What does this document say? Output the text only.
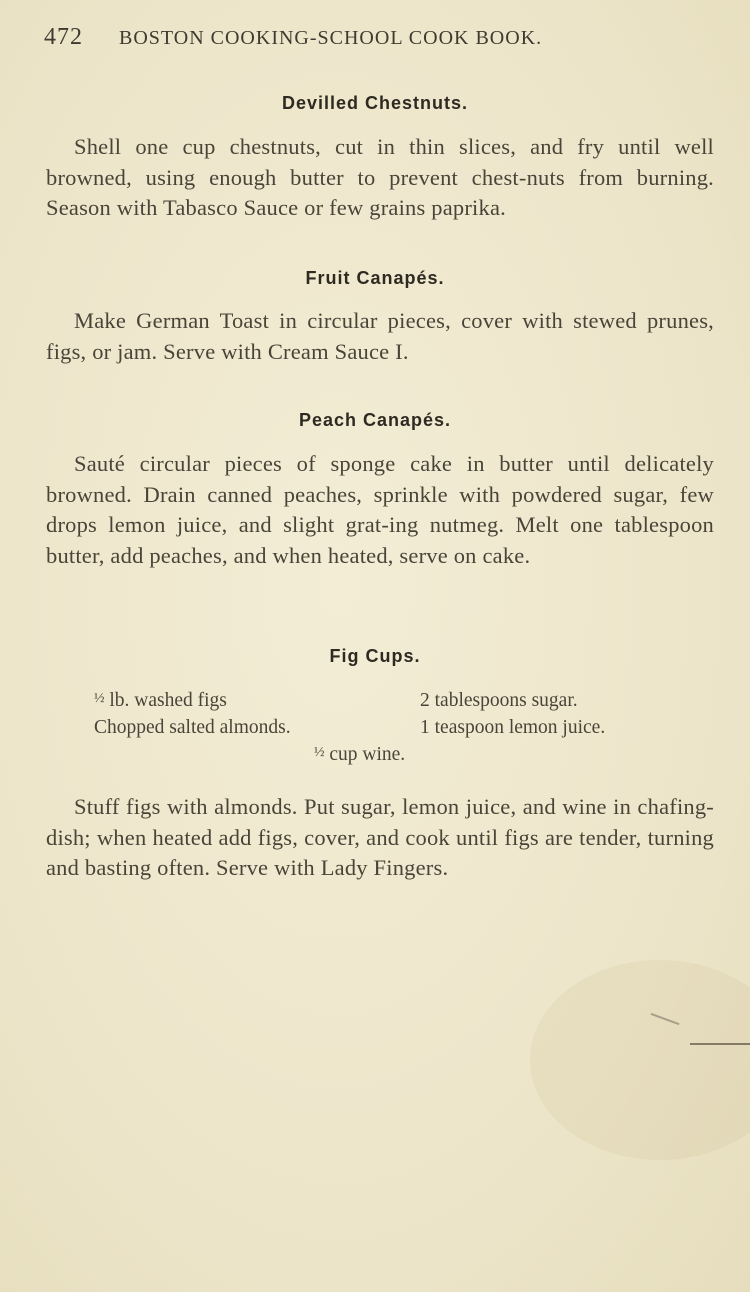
472 BOSTON COOKING-SCHOOL COOK BOOK.
Devilled Chestnuts.
Shell one cup chestnuts, cut in thin slices, and fry until well browned, using enough butter to prevent chest-nuts from burning. Season with Tabasco Sauce or few grains paprika.
Fruit Canapés.
Make German Toast in circular pieces, cover with stewed prunes, figs, or jam. Serve with Cream Sauce I.
Peach Canapés.
Sauté circular pieces of sponge cake in butter until delicately browned. Drain canned peaches, sprinkle with powdered sugar, few drops lemon juice, and slight grat-ing nutmeg. Melt one tablespoon butter, add peaches, and when heated, serve on cake.
Fig Cups.
$^{\frac{1}{2}}$ lb. washed figs
Chopped salted almonds.
2 tablespoons sugar.
1 teaspoon lemon juice.
$^{\frac{1}{2}}$ cup wine.
Stuff figs with almonds. Put sugar, lemon juice, and wine in chafing-dish; when heated add figs, cover, and cook until figs are tender, turning and basting often. Serve with Lady Fingers.
